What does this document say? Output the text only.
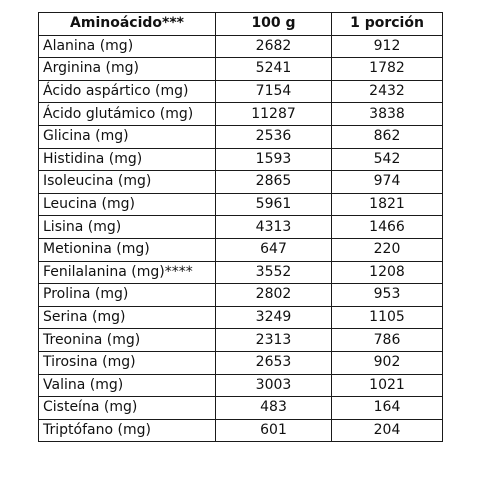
Aminoácido***	100 g	1 porción
Alanina (mg)	2682	912
Arginina (mg)	5241	1782
Ácido aspártico (mg)	7154	2432
Ácido glutámico (mg)	11287	3838
Glicina (mg)	2536	862
Histidina (mg)	1593	542
Isoleucina (mg)	2865	974
Leucina (mg)	5961	1821
Lisina (mg)	4313	1466
Metionina (mg)	647	220
Fenilalanina (mg)****	3552	1208
Prolina (mg)	2802	953
Serina (mg)	3249	1105
Treonina (mg)	2313	786
Tirosina (mg)	2653	902
Valina (mg)	3003	1021
Cisteína (mg)	483	164
Triptófano (mg)	601	204
